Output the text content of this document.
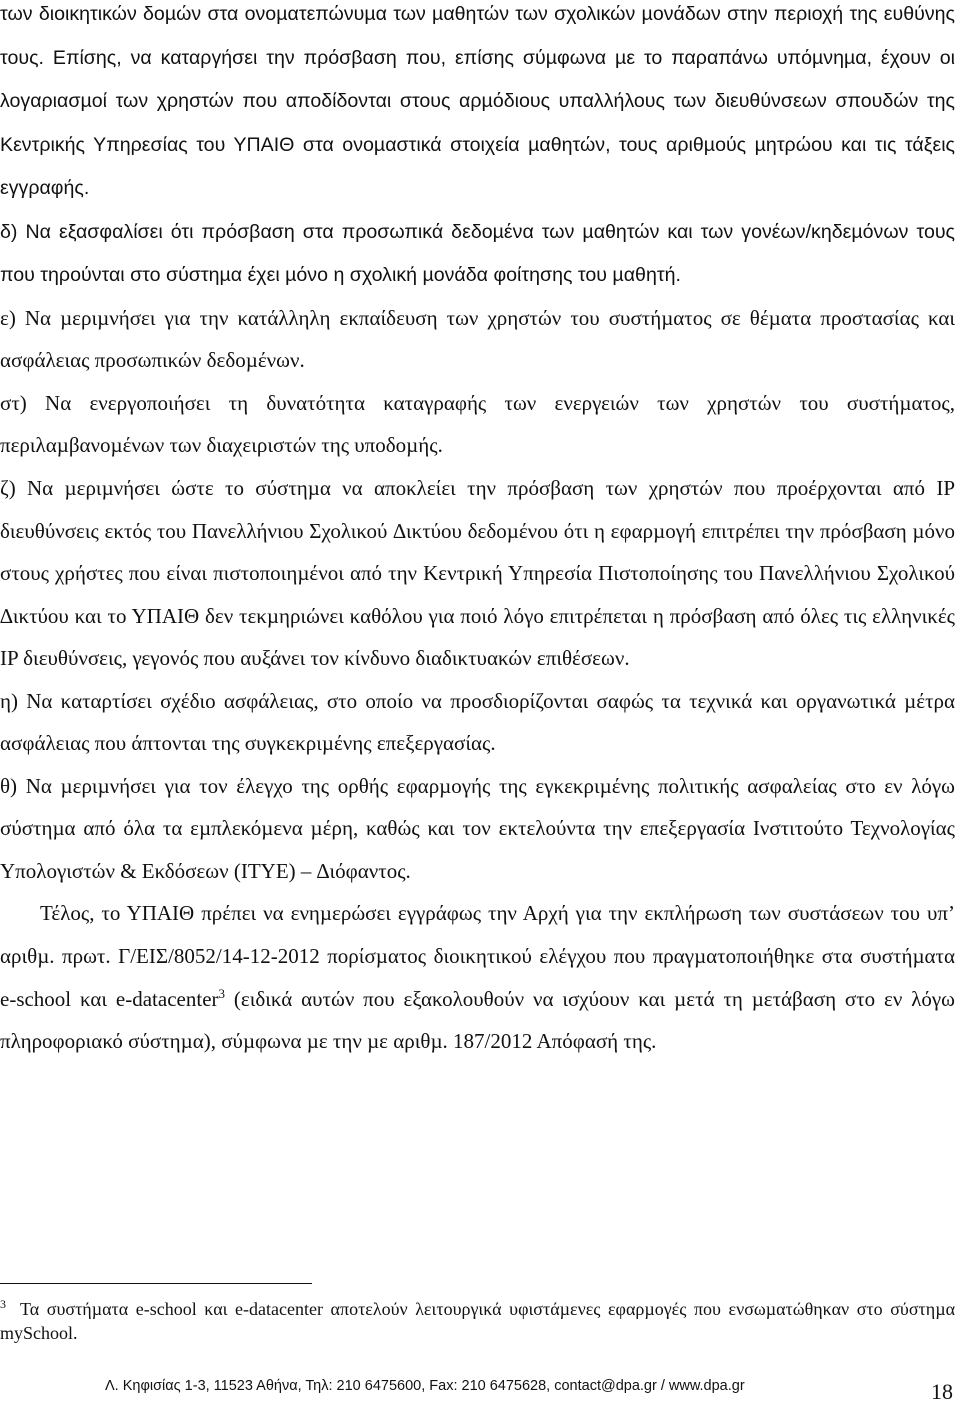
των διοικητικών δοµών στα ονοµατεπώνυµα των µαθητών των σχολικών µονάδων στην περιοχή της ευθύνης τους. Επίσης, να καταργήσει την πρόσβαση που, επίσης σύµφωνα µε το παραπάνω υπόµνηµα, έχουν οι λογαριασµοί των χρηστών που αποδίδονται στους αρµόδιους υπαλλήλους των διευθύνσεων σπουδών της Κεντρικής Υπηρεσίας του ΥΠΑΙΘ στα ονοµαστικά στοιχεία µαθητών, τους αριθµούς µητρώου και τις τάξεις εγγραφής.

δ) Να εξασφαλίσει ότι πρόσβαση στα προσωπικά δεδοµένα των µαθητών και των γονέων/κηδεµόνων τους που τηρούνται στο σύστηµα έχει µόνο η σχολική µονάδα φοίτησης του µαθητή.

ε) Να µεριµνήσει για την κατάλληλη εκπαίδευση των χρηστών του συστήµατος σε θέµατα προστασίας και ασφάλειας προσωπικών δεδοµένων.

στ) Να ενεργοποιήσει τη δυνατότητα καταγραφής των ενεργειών των χρηστών του συστήµατος, περιλαµβανοµένων των διαχειριστών της υποδοµής.

ζ) Να µεριµνήσει ώστε το σύστηµα να αποκλείει την πρόσβαση των χρηστών που προέρχονται από IP διευθύνσεις εκτός του Πανελλήνιου Σχολικού ∆ικτύου δεδοµένου ότι η εφαρµογή επιτρέπει την πρόσβαση µόνο στους χρήστες που είναι πιστοποιηµένοι από την Κεντρική Υπηρεσία Πιστοποίησης του Πανελλήνιου Σχολικού ∆ικτύου και το ΥΠΑΙΘ δεν τεκµηριώνει καθόλου για ποιό λόγο επιτρέπεται η πρόσβαση από όλες τις ελληνικές IP διευθύνσεις, γεγονός που αυξάνει τον κίνδυνο διαδικτυακών επιθέσεων.

η) Να καταρτίσει σχέδιο ασφάλειας, στο οποίο να προσδιορίζονται σαφώς τα τεχνικά και οργανωτικά µέτρα ασφάλειας που άπτονται της συγκεκριµένης επεξεργασίας.

θ) Να µεριµνήσει για τον έλεγχο της ορθής εφαρµογής της εγκεκριµένης πολιτικής ασφαλείας στο εν λόγω σύστηµα από όλα τα εµπλεκόµενα µέρη, καθώς και τον εκτελούντα την επεξεργασία Ινστιτούτο Τεχνολογίας Υπολογιστών & Εκδόσεων (ΙΤΥΕ) – ∆ιόφαντος.

Τέλος, το ΥΠΑΙΘ πρέπει να ενηµερώσει εγγράφως την Αρχή για την εκπλήρωση των συστάσεων του υπ’ αριθµ. πρωτ. Γ/ΕΙΣ/8052/14-12-2012 πορίσµατος διοικητικού ελέγχου που πραγµατοποιήθηκε στα συστήµατα e-school και e-datacenter$^3$ (ειδικά αυτών που εξακολουθούν να ισχύουν και µετά τη µετάβαση στο εν λόγω πληροφοριακό σύστηµα), σύµφωνα µε την µε αριθµ. 187/2012 Απόφασή της.

$^3$ Τα συστήµατα e-school και e-datacenter αποτελούν λειτουργικά υφιστάµενες εφαρµογές που ενσωµατώθηκαν στο σύστηµα mySchool.

Λ. Κηφισίας 1-3, 11523 Αθήνα, Τηλ: 210 6475600, Fax: 210 6475628, contact@dpa.gr / www.dpa.gr	18
